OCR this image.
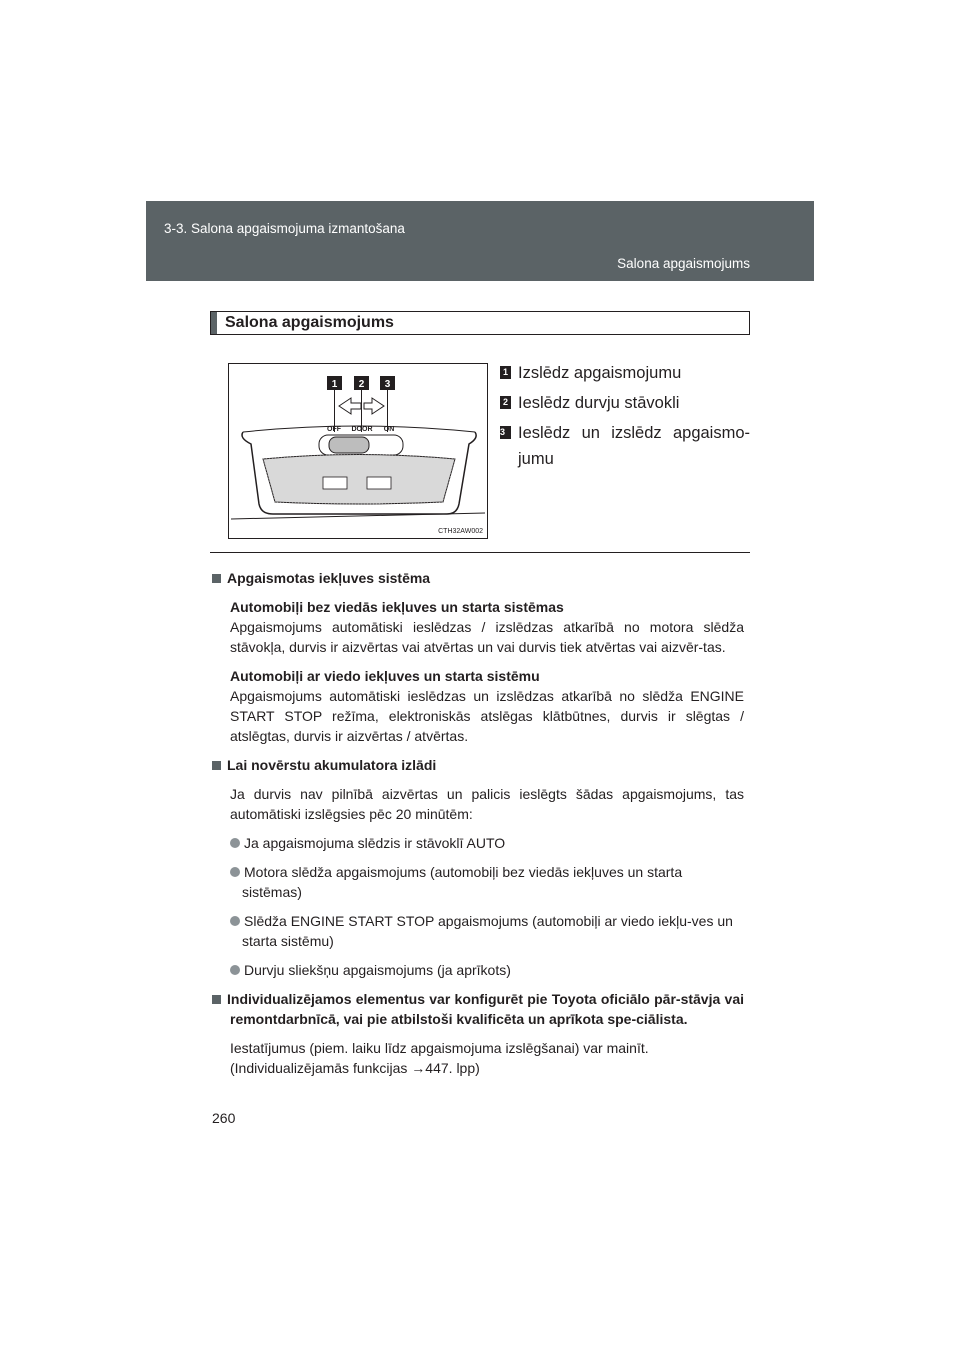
3-3. Salona apgaismojuma izmantošana
Salona apgaismojums
Salona apgaismojums
1 2 3
OFF DOOR ON
CTH32AW002
1 Izslēdz apgaismojumu
2 Ieslēdz durvju stāvokli
3 Ieslēdz un izslēdz apgaismo-
jumu

Apgaismotas iekļuves sistēma

Automobiļi bez viedās iekļuves un starta sistēmas

Apgaismojums automātiski ieslēdzas / izslēdzas atkarībā no motora slēdža stāvokļa, durvis ir aizvērtas vai atvērtas un vai durvis tiek atvērtas vai aizvēr-tas.

Automobiļi ar viedo iekļuves un starta sistēmu

Apgaismojums automātiski ieslēdzas un izslēdzas atkarībā no slēdža ENGINE START STOP režīma, elektroniskās atslēgas klātbūtnes, durvis ir slēgtas / atslēgtas, durvis ir aizvērtas / atvērtas.

Lai novērstu akumulatora izlādi

Ja durvis nav pilnībā aizvērtas un palicis ieslēgts šādas apgaismojums, tas automātiski izslēgsies pēc 20 minūtēm:

Ja apgaismojuma slēdzis ir stāvoklī AUTO

Motora slēdža apgaismojums (automobiļi bez viedās iekļuves un starta sistēmas)

Slēdža ENGINE START STOP apgaismojums (automobiļi ar viedo iekļu-ves un starta sistēmu)

Durvju sliekšņu apgaismojums (ja aprīkots)

Individualizējamos elementus var konfigurēt pie Toyota oficiālo pār-stāvja vai remontdarbnīcā, vai pie atbilstoši kvalificēta un aprīkota spe-ciālista.

Iestatījumus (piem. laiku līdz apgaismojuma izslēgšanai) var mainīt.

(Individualizējamās funkcijas →447. lpp)

260
